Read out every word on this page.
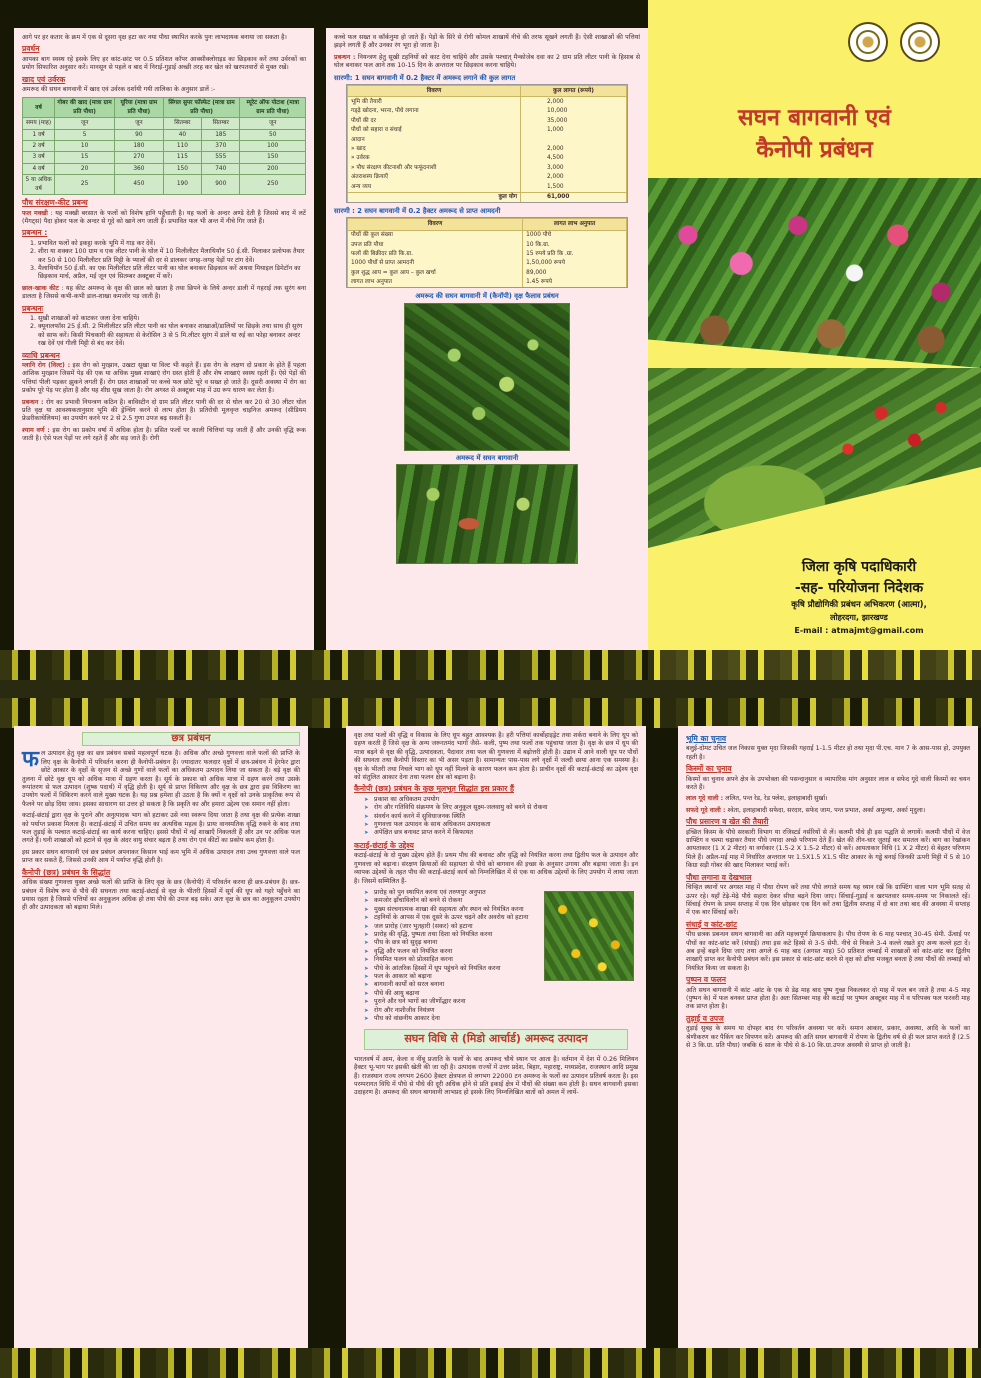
आगे पर हर कतार के क्रम में एक से दूसरा वृक्ष हटा कर नया पौधा स्थापित करके पुनः लाभदायक बनाया जा सकता है।

प्रवर्धन

आपका बाग स्वस्थ रहे इसके लिए हर कांट-छांट पर 0.5 प्रतिशत कॉपर आक्सीक्लोराइड का छिड़काव करें तथा उर्वरकों का प्रयोग सिफारिश अनुसार करें। मानसून से पहले व बाद में निराई-गुड़ाई अच्छी तरह कर खेत को खरपतवारों से मुक्त रखें।

खाद एवं उर्वरक

अमरूद की सघन बागवानी में खाद एवं उर्वरक दर्शायी गयी तालिका के अनुसार डालें :-

वर्ष	गोबर की खाद (मात्रा ग्राम प्रति पौधा)	यूरिया (मात्रा ग्राम प्रति पौधा)	सिंगल सुपर फॉस्फेट (मात्रा ग्राम प्रति पौधा)		म्यूरेट ऑफ पोटाश (मात्रा ग्राम प्रति पौधा)
समय (माह)	जून	जून	सितम्बर	सितम्बर	जून
1 वर्ष	5	90	40	185	50
2 वर्ष	10	180	110	370	100
3 वर्ष	15	270	115	555	150
4 वर्ष	20	360	150	740	200
5 या अधिक वर्ष	25	450	190	900	250
पौध संरक्षण-कीट प्रबन्ध

फल मक्खी : यह मक्खी बरसात के फलों को विशेष हानि पहुँचाती है। यह फलों के अन्दर अण्डे देती है जिससे बाद में लटें (मैगट्स) पैदा होकर फल के अन्दर से गूदे को खाने लग जाती हैं। प्रभावित फल भी अन्त में नीचे गिर जाते हैं।

प्रबन्धन :
1. प्रभावित फलों को इकट्ठा करके भूमि में गाड़ कर देवें।
2. शीरा या शक्कर 100 ग्राम व एक लीटर पानी के घोल में 10 मिलीलीटर मैलाथियॉन 50 ई.सी. मिलाकर प्रलोभक तैयार कर 50 से 100 मिलीलीटर प्रति मिट्टी के प्यालों की दर से डालकर जगह-जगह पेड़ों पर टांग देवें।
3. मैलाथियॉन 50 ई.सी. का एक मिलीलीटर प्रति लीटर पानी का घोल बनाकर छिड़काव करें अथवा मिथाइल डिमेटॉन का छिड़काव मार्च, अप्रैल, मई जून एवं सितम्बर अक्टूबर में करें।

छाल-खाक कीट : यह कीट अमरूद के वृक्ष की छाल को खाता है तथा छिपने के लिये अन्दर डाली में गहराई तक सुरंग बना डालता है जिससे कभी-कभी डाल-शाखा कमजोर पड़ जाती है।

प्रबन्धनः
1. सूखी शाखाओं को काटकर जला देना चाहिये।
2. क्यूनालफॉस 25 ई.सी. 2 मिलीलीटर प्रति लीटर पानी का घोल बनाकर शाखाओं/डालियों पर छिड़के तथा साथ ही सुरंग को साफ करें। किसी पिचकारी की सहायता से केरोसिन 3 से 5 मि.लीटर सुरंग में डालें या रुई का फोहा बनाकर अन्दर रख देवें एवं गीली मिट्टी से बंद कर देवें।
व्याधि प्रबन्धन

म्लानि रोग (विल्ट) : इस रोग को मुरझान, उखटा सूखा या विल्ट भी कहते हैं। इस रोग के लक्षण दो प्रकार के होते हैं पहला आंशिक मुरझान जिसमें पेड़ की एक या अधिक मुख्य शाखाएं रोग ग्रस्त होती हैं और शेष शाखाएं स्वस्थ रहती हैं। ऐसे पेड़ों की पत्तियां पीली पड़कर झुकने लगती हैं। रोग ग्रस्त शाखाओं पर कच्चे फल छोटे भूरे व सख्त हो जाते हैं। दूसरी अवस्था में रोग का प्रकोप पूरे पेड़ पर होता है और यह शीघ्र सूख जाता है। रोग अगस्त से अक्टूबर माह में उग्र रूप धारण कर लेता है।

प्रबन्धन : रोग का प्रभावी नियन्त्रण कठिन है। बाविस्टीन दो ग्राम प्रति लीटर पानी की दर से घोल कर 20 से 30 लीटर घोल प्रति वृक्ष या आवश्यकतानुसार भूमि की ड्रेन्चिंग करने से लाभ होता है। प्रतिरोधी मूलवृन्त चाइनिज अमरूद (सीडियम फ्रेडरीकाथेलियम) का उपयोग करने पर 2 से 2.5 गुणा उपज बढ़ सकती है।

श्याम वर्ण : इस रोग का प्रकोप वर्षा में अधिक होता है। प्रसित फलों पर काली चित्तियां पड़ जाती हैं और उनकी वृद्धि रूक जाती है। ऐसे फल पेड़ों पर लगे रहते हैं और सड़ जाते हैं। रोगी

कच्चे फल सख्त व कॉर्कनुमा हो जाते हैं। पेड़ों के सिरे से रोगी कोमल शाखायें नीचे की तरफ सूखने लगती हैं। ऐसी शाखाओं की पत्तियां झड़ने लगती हैं और उनका रंग भूरा हो जाता है।

प्रबन्धन : नियन्त्रण हेतु सूखी टहनियों को काट देना चाहिये और उसके पश्चात् मैन्कोजेब दवा का 2 ग्राम प्रति लीटर पानी के हिसाब से घोल बनाकर फल आने तक 10-15 दिन के अन्तराल पर छिड़काव करना चाहिये।

सारणी: 1 सघन बागवानी में 0.2 हैक्टर में अमरूद लगाने की कुल लागत
विवरण	कुल लागत (रूपये)
भूमि की तैयारी	2,000
गड्ढ़े खोदना, भरना, पौधे लगाना	10,000
पौधों की दर	35,000
पौधों को सहारा व संधाई	1,000
आदान	
» खाद	2,000
» उर्वरक	4,500
» पौध संरक्षण कीटनाशी और फफूंदनाशी	3,000
अंतराशस्य क्रियाएँ	2,000
अन्य व्यय	1,500
कुल योग	61,000
सारणी : 2 सघन बागवानी में 0.2 हैक्टर अमरूद से प्राप्त आमदनी
विवरण	लागत लाभ अनुपात
पौधों की कुल संख्या	1000 पौधे
उपज प्रति पौधा	10 कि.ग्रा.
फलों की बिक्रीदर प्रति कि.ग्रा.	15 रुपये प्रति कि .ग्रा.
1000 पौधों से प्राप्त आमदनी	1,50,000 रूपये
कुल शुद्ध आय = कुल आय – कुल खर्चा	89,000
लागत लाभ अनुपात	1.45 रूपये
अमरूद की सघन बागवानी में (कैनॉपी) वृक्ष फैलाव प्रबंधन
अमरूद में सघन बागवानी
सघन बागवानी एवं
कैनोपी प्रबंधन
जिला कृषि पदाधिकारी
-सह- परियोजना निदेशक
कृषि प्रौद्योगिकी प्रबंधन अभिकरण (आत्मा),
लोहरदगा, झारखण्ड
E-mail : atmajmt@gmail.com
छत्र प्रबंधन

फल उत्पादन हेतु वृक्ष का छत्र प्रबंधन सबसे महत्वपूर्ण घटक है। अधिक और अच्छे गुणवत्ता वाले फलों की प्राप्ति के लिए वृक्ष के कैनोपी में परिवर्तन करना ही कैनोपी-प्रबंधन है। ज्यादातर फलदार वृक्षों में छत्र-प्रबंधन में हेरफेर द्वारा छोटे आकार के वृक्षों के सृजन से अच्छे गुणों वाले फलों का अधिकतम उत्पादन लिया जा सकता है। बड़े वृक्ष की तुलना में छोटे वृक्ष धूप को अधिक मात्रा में ग्रहण करता है। सूर्य के प्रकाश को अधिक मात्रा में ग्रहण करने तथा उसके रूपांतरण से फल उत्पादन (शुष्क पदार्थ) में वृद्धि होती है। सूर्य से प्राप्त विकिरण और वृक्ष के छत्र द्वारा इस विकिरण का उपयोग फलों में विकिरण करने वाले मुख्य घटक है। यह प्रश्न हमेशा ही उठता है कि क्यों न वृक्षों को उनके प्राकृतिक रूप से फैलने पर छोड़ दिया जाय। इसका साधारण सा उत्तर हो सकता है कि प्रकृति का और हमारा उद्देश्य एक समान नहीं होता।

कटाई-छंटाई द्वारा वृक्ष के पुराने और अनुत्पादक भाग को हटाकर उसे नया स्वरूप दिया जाता है तथा वृक्ष की प्रत्येक शाखा को पर्याप्त प्रकाश मिलता है। कटाई-छंटाई में उचित समय का अत्यधिक महत्व है। प्रायः वानस्पतिक वृद्धि रुकने के बाद तथा फल तुड़ाई के पश्चात कटाई-छंटाई का कार्य करना चाहिए। इससे पौधों में नई शाखाएँ निकलती हैं और उन पर अधिक फल लगते हैं। घनी शाखाओं को हटाने से वृक्ष के अंदर वायु संचार बढ़ता है तथा रोग एवं कीटों का प्रकोप कम होता है।

इस प्रकार सघन बागवानी एवं छत्र प्रबंधन अपनाकर किसान भाई कम भूमि में अधिक उत्पादन तथा उच्च गुणवत्ता वाले फल प्राप्त कर सकते हैं, जिससे उनकी आय में पर्याप्त वृद्धि होती है।

कैनोपी (छत्र) प्रबंधन के सिद्धांत

अधिक संख्या गुणवत्ता युक्त अच्छे फलों की प्राप्ति के लिए वृक्ष के छत्र (कैनोपी) में परिवर्तन करना ही छत्र-प्रबंधन है। छत्र-प्रबंधन में विशेष रूप से पौधे की सघनता तथा कटाई-छंटाई से वृक्ष के भीतरी हिस्सों में सूर्य की धूप को गहरे पहुँचने का प्रयास रहता है जिससे पत्तियों का अनुकूलन अधिक हो तथा पौधे की उपज बढ़ सके। अतः वृक्ष के छत्र का अनुकूलन उपयोग ही और उत्पादकता को बढ़ाया मिले।

वृक्ष तथा फलों की वृद्धि व विकास के लिए धूप बहुत आवश्यक है। हरी पत्तियां कार्बोहाइड्रेट तथा शर्करा बनाने के लिए धूप को ग्रहण करती हैं जिसे वृक्ष के अन्य जरूरतमंद भागों जैसे- कली, पुष्प तथा फलों तक पहुंचाया जाता है। वृक्ष के छत्र में धूप की मात्रा बढ़ने से वृक्ष की वृद्धि, उत्पादकता, पैदावार तथा फल की गुणवत्ता में बढ़ोत्तरी होती है। उद्यान में आने वाली धूप पर पौधों की सघनता तथा कैनोपी विस्तार का भी असर पड़ता है। सामान्यतः पास-पास लगे वृक्षों में जल्दी छाया आना एक समस्या है। वृक्ष के भीतरी तथा निचले भाग को धूप नहीं मिलने के कारण फलन कम होता है। प्राचीन वृक्षों की कटाई-छंटाई का उद्देश्य वृक्ष को संतुलित आकार देना तथा फलन क्षेत्र को बढ़ाना है।

कैनोपी (छत्र) प्रबंधन के कुछ मूलभूत सिद्धांत इस प्रकार हैं
➤ प्रकाश का अधिकतम उपयोग
➤ रोग और गतिविधि संक्रमण के लिए अनुकूल सूक्ष्म-जलवायु को बनने से रोकना
➤ संवर्धन कार्य करने में सुविधाजनक स्थिति
➤ गुणवत्ता फल उत्पादन के साथ अधिकतम उत्पादकता
➤ अपेक्षित छत्र बनावट प्राप्त करने में किफायत
कटाई-छंटाई के उद्देश्य

कटाई-छंटाई के दो मुख्य उद्देश्य होते हैं। प्रथम पौध की बनावट और वृद्धि को नियंत्रित करना तथा द्वितीय फल के उत्पादन और गुणवत्ता को बढ़ाना। संरक्षण क्रियाओं की सहायता से पौधे को बागवान की इच्छा के अनुसार उगाया और बढ़ाया जाता है। इन व्यापक उद्देश्यों के तहत पौध की कटाई-छंटाई कार्य को निम्नलिखित में से एक या अधिक उद्देश्यों के लिए उपयोग में लाया जाता है। जिसमें सम्मिलित हैं-

➤ प्रारोह को पुन स्थापित करना एवं तरुणपुर अनुपात
➤ कमजोर ढ़ाँचाविलोन को बनने से रोकना
➤ मुख्य संरचनात्मक शाखा की सहायता और स्थान को नियंत्रित करना
➤ टहनियों के आपस में एक दूसरे के ऊपर चढ़ने और अवरोध को हटाना
➤ जल प्रारोह (जार भुतहारी (सकर) को हटाना
➤ प्रारोह की वृद्धि, पुष्पता तथा दिशा को नियंत्रित करना
➤ पौध के छत्र को सुदृढ़ बनाना
➤ वृद्धि और फलन को नियंत्रित करना
➤ नियमित फलन को प्रोत्साहित करना
➤ पौधे के आंतरिक हिस्सों में धूप पहुंचने को नियंत्रित करना
➤ फल के आकार को बढ़ाना
➤ बागवानी कार्यों को सरल बनाना
➤ पौधे की आयु बढ़ाना
➤ पुराने और घने भागों का जीर्णोद्धार करना
➤ रोग और नाशीजीव नियंत्रण
➤ पौध को वांछनीय आकार देना
सघन विधि से (मिडो आर्चार्ड) अमरूद उत्पादन

भारतवर्ष में आम, केला व नींबू प्रजाति के फलों के बाद अमरूद चौथे स्थान पर आता है। वर्तमान में देश में 0.26 मिलियन हैक्टर भू-भाग पर इसकी खेती की जा रही है। उत्पादक राज्यों में उत्तर प्रदेश, बिहार, महाराष्ट्र, मध्यप्रदेश, राजस्थान आदि प्रमुख हैं। राजस्थान राज्य लगभग 2600 हैक्टर क्षेत्रफल से लगभग 22000 टन अमरूद के फलों का उत्पादन प्रतिवर्ष करता है। इस परम्परागत विधि में पौधे से पौधे की दूरी अधिक होने से प्रति इकाई क्षेत्र में पौधों की संख्या कम होती है। सघन बागवानी इसका उदाहरण है। अमरूद की सघन बागवानी लाभप्रद हो इसके लिए निम्नलिखित बातों को अमल में लायें-

भूमि का चुनाव

बलुई-दोमट उचित जल निकास युक्त मृदा जिसकी गहराई 1-1.5 मीटर हो तथा मृदा पी.एच. मान 7 के आस-पास हो, उपयुक्त रहती है।

किस्मों का चुनाव

किस्मों का चुनाव अपने क्षेत्र के उपभोक्ता की पसन्दानुसार व व्यापारिक मांग अनुसार लाल व सफेद गूदे वाली किस्मों का चयन करते हैं।

लाल गूदे वाली : ललित, पन्त रेड, रेड फ्लेश, इलाहाबादी सुर्खा।

सफदे गूदे वाली : श्वेता, इलाहाबादी सफेदा, सरदार, सफेद जाम, पन्त प्रभात, अर्का अमूल्या, अर्का मृदुला।

पौध प्रसारण व खेत की तैयारी

इच्छित किस्म के पौधे सरकारी विभाग या रजिस्टर्ड नर्सरियों से लें। कलमी पौधे ही इस पद्धति से लगायें। कलमी पौधों में वेज ग्राफ्टिंग व चश्मा चढ़ाकर तैयार पौधे ज्यादा अच्छे परिणाम देते हैं। खेत की तीन-चार जुताई कर समतल करें। बाग का रेखांकन आयताकार (1 X 2 मीटर) या वर्गाकार (1.5-2 X 1.5-2 मीटर) से करें। आयताकार विधि (1 X 2 मीटर) से बेहतर परिणाम मिले हैं। अप्रैल-मई माह में निर्धारित अन्तराल पर 1.5X1.5 X1.5 फीट आकार के गड्ढे बनाई जिनकी ऊपरी मिट्टी में 5 से 10 किग्रा सड़ी गोबर की खाद मिलाकर भराई करें।

पौधा लगाना व देखभाल

चिन्हित स्थानों पर अगस्त माह में पौधा रोपण करें तथा पौधे लगाते समय यह ध्यान रखें कि ग्राफ्टिंग वाला भाग भूमि सतह से ऊपर रहे। यहाँ टेढ़े-मेढ़े पौधे सहारा देकर सीधा बढ़ने दिया जाए। सिंचाई-गुड़ाई व खरपतवार समय-समय पर निकालते रहें। सिंचाई रोपण के प्रथम सप्ताह में एक दिन छोड़कर एक दिन करें तथा द्वितीय सप्ताह में दो बार तथा बाद की अवस्था में सप्ताह में एक बार सिंचाई करें।

संधाई व कांट-छांट

पौध छत्रक प्रबन्धन सघन बागवानी का अति महत्त्वपूर्ण क्रियाकलाप है। पौध रोपण के 6 माह पश्चात् 30-45 सेमी. ऊँचाई पर पौधों का कांट-छांट करें (संधाई) तथा इस कटे हिस्से से 3-5 सेमी. नीचे से निकले 3-4 कल्ले रखते हुए अन्य कल्ले हटा दें। अब इन्हें बढ़ने दिया जाए तथा अगले 6 माह बाद (अगस्त माह) 50 प्रतिशत लम्बाई में शाखाओं को कांट-छांट कर द्वितीय शाखाएँ प्राप्त कर कैनोपी प्रबंधन करें। इस प्रकार से कांट-छांट करने से वृक्ष को ढाँचा मजबूत बनता है तथा पौधों की लम्बाई को नियंत्रित किया जा सकता है।

पुष्पन व फलन

अति सघन बागवानी में कांट -छांट के एक से डेढ़ माह बाद पुष्प गुच्छ निकलकर दो माह में फल बन जाते है तथा 4-5 माह (पुष्पन के) में फल बनकर प्राप्त होता है। अतः सितम्बर माह की कटाई पर पुष्पन अक्टूबर माह में व परिपक्व फल फरवरी माह तक प्राप्त होता है।

तुड़ाई व उपज

तुड़ाई सुबह के समय या दोपहर बाद रंग परिवर्तन अवस्था पर करें। समान आकार, प्रकार, अवस्था, आदि के फलों का श्रेणीकरण कर पैकिंग कर विपणन करें। अमरूद की अति सघन बागवानी में रोपण के द्वितीय वर्ष से ही फल प्राप्त करते हैं (2.5 से 3 कि.ग्रा. प्रति पौधा) जबकि 6 साल के पौधे से 8-10 कि.ग्रा.उपज अवस्थी से प्राप्त हो जाती है।
